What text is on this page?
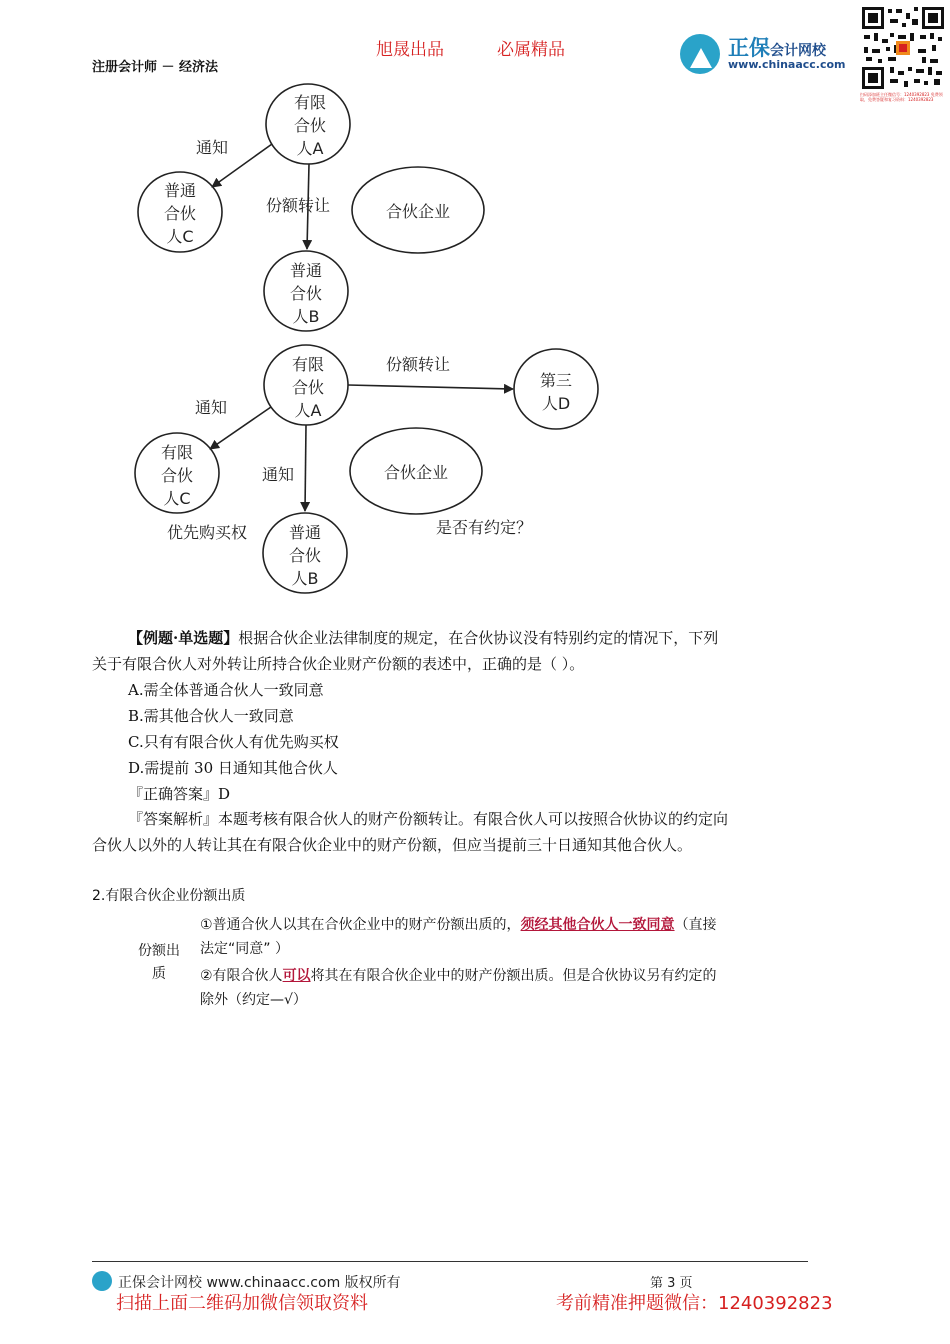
旭晟出品	必属精品
注册会计师 － 经济法
正保会计网校
www.chinaacc.com
扫码添加班主任微信号：1240392823 免费领取，免费答疑和复习资料：1240392823
有限
合伙
人A
普通
合伙
人C
普通
合伙
人B
合伙企业
通知
份额转让
有限
合伙
人A
第三
人D
有限
合伙
人C
普通
合伙
人B
合伙企业
份额转让
通知
通知
优先购买权	是否有约定？
【例题·单选题】根据合伙企业法律制度的规定，在合伙协议没有特别约定的情况下，下列
关于有限合伙人对外转让所持合伙企业财产份额的表述中，正确的是（ ）。
A.需全体普通合伙人一致同意
B.需其他合伙人一致同意
C.只有有限合伙人有优先购买权
D.需提前 30 日通知其他合伙人
『正确答案』D
『答案解析』本题考核有限合伙人的财产份额转让。有限合伙人可以按照合伙协议的约定向
合伙人以外的人转让其在有限合伙企业中的财产份额，但应当提前三十日通知其他合伙人。
2.有限合伙企业份额出质
份额出质
①普通合伙人以其在合伙企业中的财产份额出质的，须经其他合伙人一致同意（直接
法定“同意” ）
②有限合伙人可以将其在有限合伙企业中的财产份额出质。但是合伙协议另有约定的
除外（约定—√）
正保会计网校 www.chinaacc.com 版权所有	第 3 页
扫描上面二维码加微信领取资料	考前精准押题微信：1240392823
